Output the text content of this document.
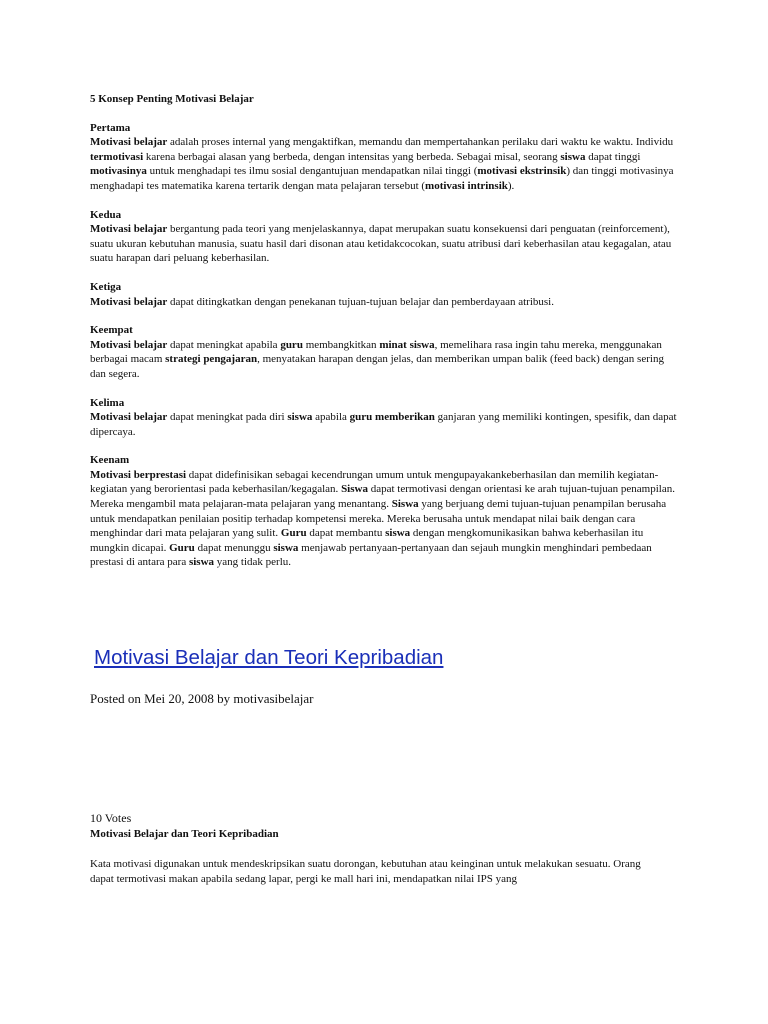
5 Konsep Penting Motivasi Belajar

Pertama

Motivasi belajar adalah proses internal yang mengaktifkan, memandu dan mempertahankan perilaku dari waktu ke waktu. Individu termotivasi karena berbagai alasan yang berbeda, dengan intensitas yang berbeda. Sebagai misal, seorang siswa dapat tinggi motivasinya untuk menghadapi tes ilmu sosial dengantujuan mendapatkan nilai tinggi (motivasi ekstrinsik) dan tinggi motivasinya menghadapi tes matematika karena tertarik dengan mata pelajaran tersebut (motivasi intrinsik).

Kedua

Motivasi belajar bergantung pada teori yang menjelaskannya, dapat merupakan suatu konsekuensi dari penguatan (reinforcement), suatu ukuran kebutuhan manusia, suatu hasil dari disonan atau ketidakcocokan, suatu atribusi dari keberhasilan atau kegagalan, atau suatu harapan dari peluang keberhasilan.

Ketiga

Motivasi belajar dapat ditingkatkan dengan penekanan tujuan-tujuan belajar dan pemberdayaan atribusi.

Keempat

Motivasi belajar dapat meningkat apabila guru membangkitkan minat siswa, memelihara rasa ingin tahu mereka, menggunakan berbagai macam strategi pengajaran, menyatakan harapan dengan jelas, dan memberikan umpan balik (feed back) dengan sering dan segera.

Kelima

Motivasi belajar dapat meningkat pada diri siswa apabila guru memberikan ganjaran yang memiliki kontingen, spesifik, dan dapat dipercaya.

Keenam

Motivasi berprestasi dapat didefinisikan sebagai kecendrungan umum untuk mengupayakankeberhasilan dan memilih kegiatan-kegiatan yang berorientasi pada keberhasilan/kegagalan. Siswa dapat termotivasi dengan orientasi ke arah tujuan-tujuan penampilan. Mereka mengambil mata pelajaran-mata pelajaran yang menantang. Siswa yang berjuang demi tujuan-tujuan penampilan berusaha untuk mendapatkan penilaian positip terhadap kompetensi mereka. Mereka berusaha untuk mendapat nilai baik dengan cara menghindar dari mata pelajaran yang sulit. Guru dapat membantu siswa dengan mengkomunikasikan bahwa keberhasilan itu mungkin dicapai. Guru dapat menunggu siswa menjawab pertanyaan-pertanyaan dan sejauh mungkin menghindari pembedaan prestasi di antara para siswa yang tidak perlu.

Motivasi Belajar dan Teori Kepribadian
Posted on Mei 20, 2008 by motivasibelajar
10 Votes
Motivasi Belajar dan Teori Kepribadian

Kata motivasi digunakan untuk mendeskripsikan suatu dorongan, kebutuhan atau keinginan untuk melakukan sesuatu. Orang dapat termotivasi makan apabila sedang lapar, pergi ke mall hari ini, mendapatkan nilai IPS yang
